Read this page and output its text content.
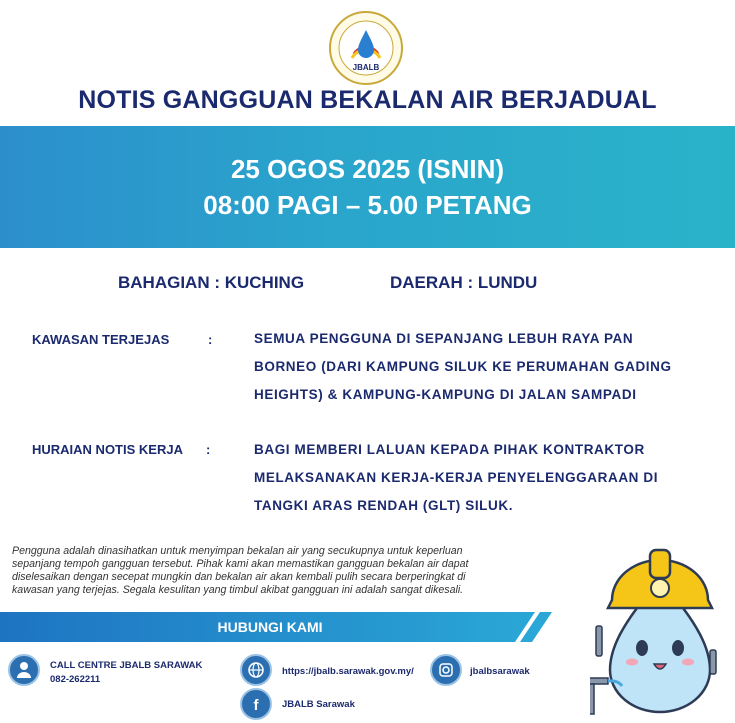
JBALB
NOTIS GANGGUAN BEKALAN AIR BERJADUAL
25 OGOS 2025 (ISNIN)
08:00 PAGI – 5.00 PETANG
BAHAGIAN : KUCHING	DAERAH : LUNDU
KAWASAN TERJEJAS	:	SEMUA PENGGUNA DI SEPANJANG LEBUH RAYA PAN
BORNEO (DARI KAMPUNG SILUK KE PERUMAHAN GADING
HEIGHTS) & KAMPUNG-KAMPUNG DI JALAN SAMPADI
HURAIAN NOTIS KERJA :	BAGI MEMBERI LALUAN KEPADA PIHAK KONTRAKTOR
MELAKSANAKAN KERJA-KERJA PENYELENGGARAAN DI
TANGKI ARAS RENDAH (GLT) SILUK.
Pengguna adalah dinasihatkan untuk menyimpan bekalan air yang secukupnya untuk keperluan
sepanjang tempoh gangguan tersebut. Pihak kami akan memastikan gangguan bekalan air dapat
diselesaikan dengan secepat mungkin dan bekalan air akan kembali pulih secara berperingkat di
kawasan yang terjejas. Segala kesulitan yang timbul akibat gangguan ini adalah sangat dikesali.
HUBUNGI KAMI
CALL CENTRE JBALB SARAWAK
082-262211
https://jbalb.sarawak.gov.my/	jbalbsarawak
f JBALB Sarawak
